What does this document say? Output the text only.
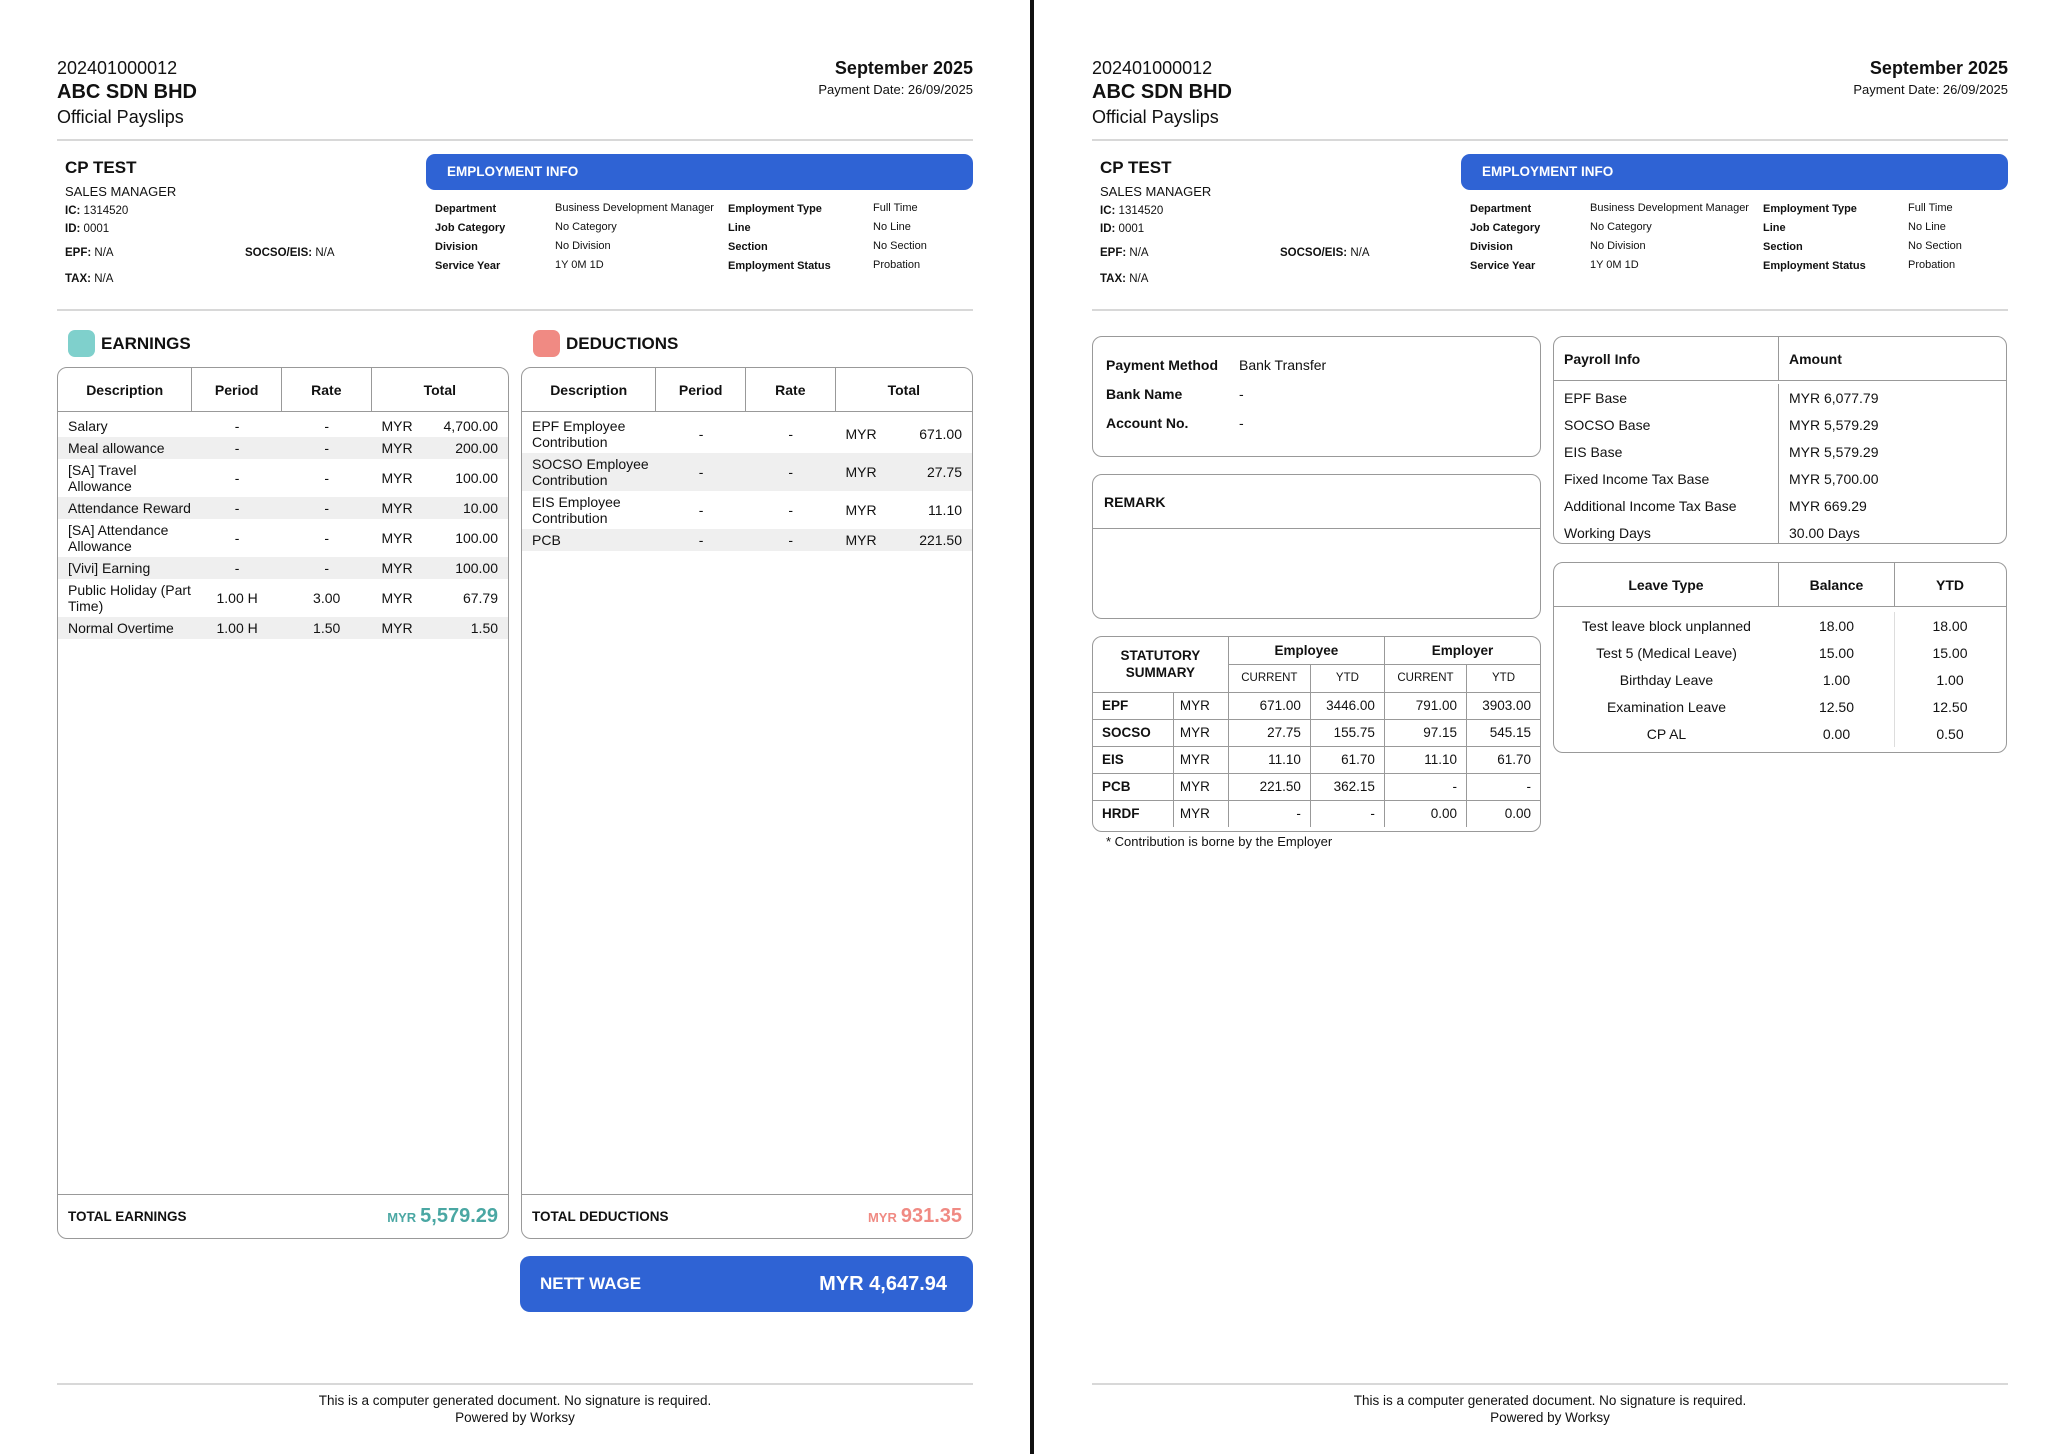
202401000012
ABC SDN BHD
Official Payslips
September 2025
Payment Date: 26/09/2025
CP TEST
SALES MANAGER
IC: 1314520
ID: 0001
EPF: N/A	SOCSO/EIS: N/A
TAX: N/A
EMPLOYMENT INFO
Department	Business Development Manager	Employment Type	Full Time
Job Category	No Category	Line	No Line
Division	No Division	Section	No Section
Service Year	1Y 0M 1D	Employment Status	Probation
This is a computer generated document. No signature is required.
Powered by Worksy
EARNINGS
Description	Period	Rate	Total
Salary	-	-	MYR	4,700.00
Meal allowance	-	-	MYR	200.00
[SA] Travel Allowance	-	-	MYR	100.00
Attendance Reward	-	-	MYR	10.00
[SA] Attendance Allowance	-	-	MYR	100.00
[Vivi] Earning	-	-	MYR	100.00
Public Holiday (Part Time)	1.00 H	3.00	MYR	67.79
Normal Overtime	1.00 H	1.50	MYR	1.50
TOTAL EARNINGS	MYR 5,579.29
DEDUCTIONS
Description	Period	Rate	Total
EPF Employee Contribution	-	-	MYR	671.00
SOCSO Employee Contribution	-	-	MYR	27.75
EIS Employee Contribution	-	-	MYR	11.10
PCB	-	-	MYR	221.50
TOTAL DEDUCTIONS	MYR 931.35
NETT WAGE	MYR 4,647.94
202401000012
ABC SDN BHD
Official Payslips
September 2025
Payment Date: 26/09/2025
CP TEST
SALES MANAGER
IC: 1314520
ID: 0001
EPF: N/A	SOCSO/EIS: N/A
TAX: N/A
EMPLOYMENT INFO
Department	Business Development Manager	Employment Type	Full Time
Job Category	No Category	Line	No Line
Division	No Division	Section	No Section
Service Year	1Y 0M 1D	Employment Status	Probation
This is a computer generated document. No signature is required.
Powered by Worksy
Payment Method	Bank Transfer
Bank Name	-
Account No.	-
REMARK
STATUTORY SUMMARY		Employee		Employer	
		CURRENT	YTD	CURRENT	YTD
EPF	MYR	671.00	3446.00	791.00	3903.00
SOCSO	MYR	27.75	155.75	97.15	545.15
EIS	MYR	11.10	61.70	11.10	61.70
PCB	MYR	221.50	362.15	-	-
HRDF	MYR	-	-	0.00	0.00
* Contribution is borne by the Employer
Payroll Info	Amount
EPF Base	MYR 6,077.79
SOCSO Base	MYR 5,579.29
EIS Base	MYR 5,579.29
Fixed Income Tax Base	MYR 5,700.00
Additional Income Tax Base	MYR 669.29
Working Days	30.00 Days
Leave Type	Balance	YTD
Test leave block unplanned	18.00	18.00
Test 5 (Medical Leave)	15.00	15.00
Birthday Leave	1.00	1.00
Examination Leave	12.50	12.50
CP AL	0.00	0.50
